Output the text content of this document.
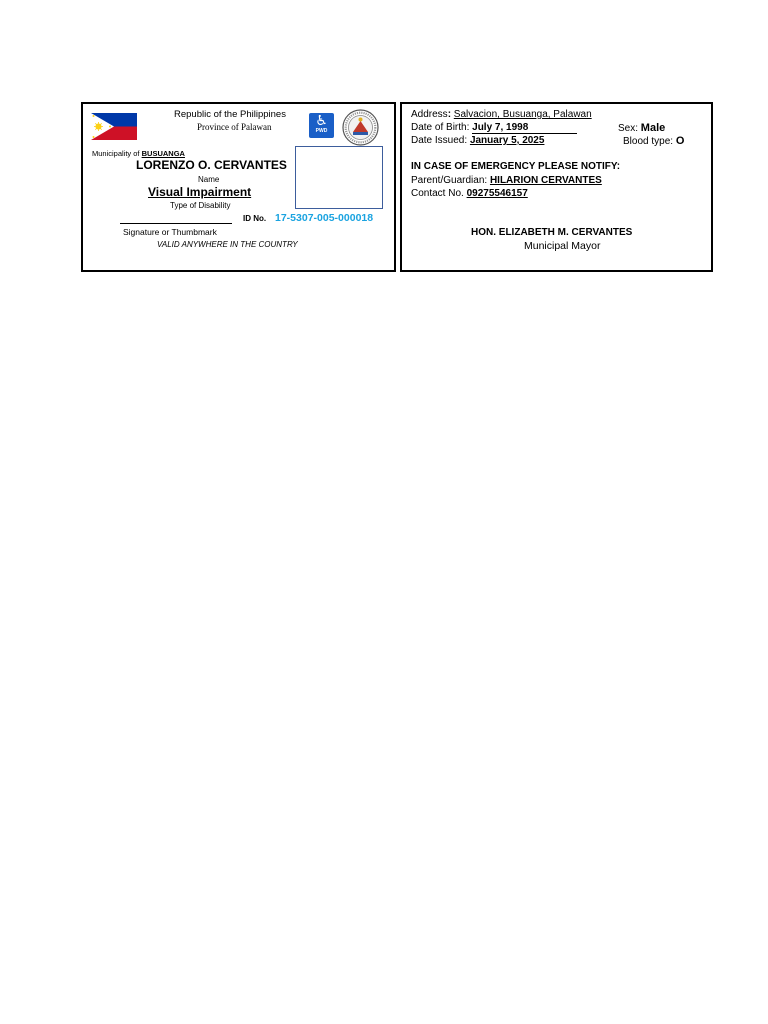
Republic of the Philippines
Province of Palawan	♿
PWD
Municipality of BUSUANGA
LORENZO O. CERVANTES
Name
Visual Impairment
Type of Disability
ID No. 17-5307-005-000018
Signature or Thumbmark
VALID ANYWHERE IN THE COUNTRY
Address: Salvacion, Busuanga, Palawan
Date of Birth: July 7, 1998	Sex: Male
Date Issued: January 5, 2025	Blood type: O
IN CASE OF EMERGENCY PLEASE NOTIFY:
Parent/Guardian: HILARION CERVANTES
Contact No. 09275546157
HON. ELIZABETH M. CERVANTES
Municipal Mayor
